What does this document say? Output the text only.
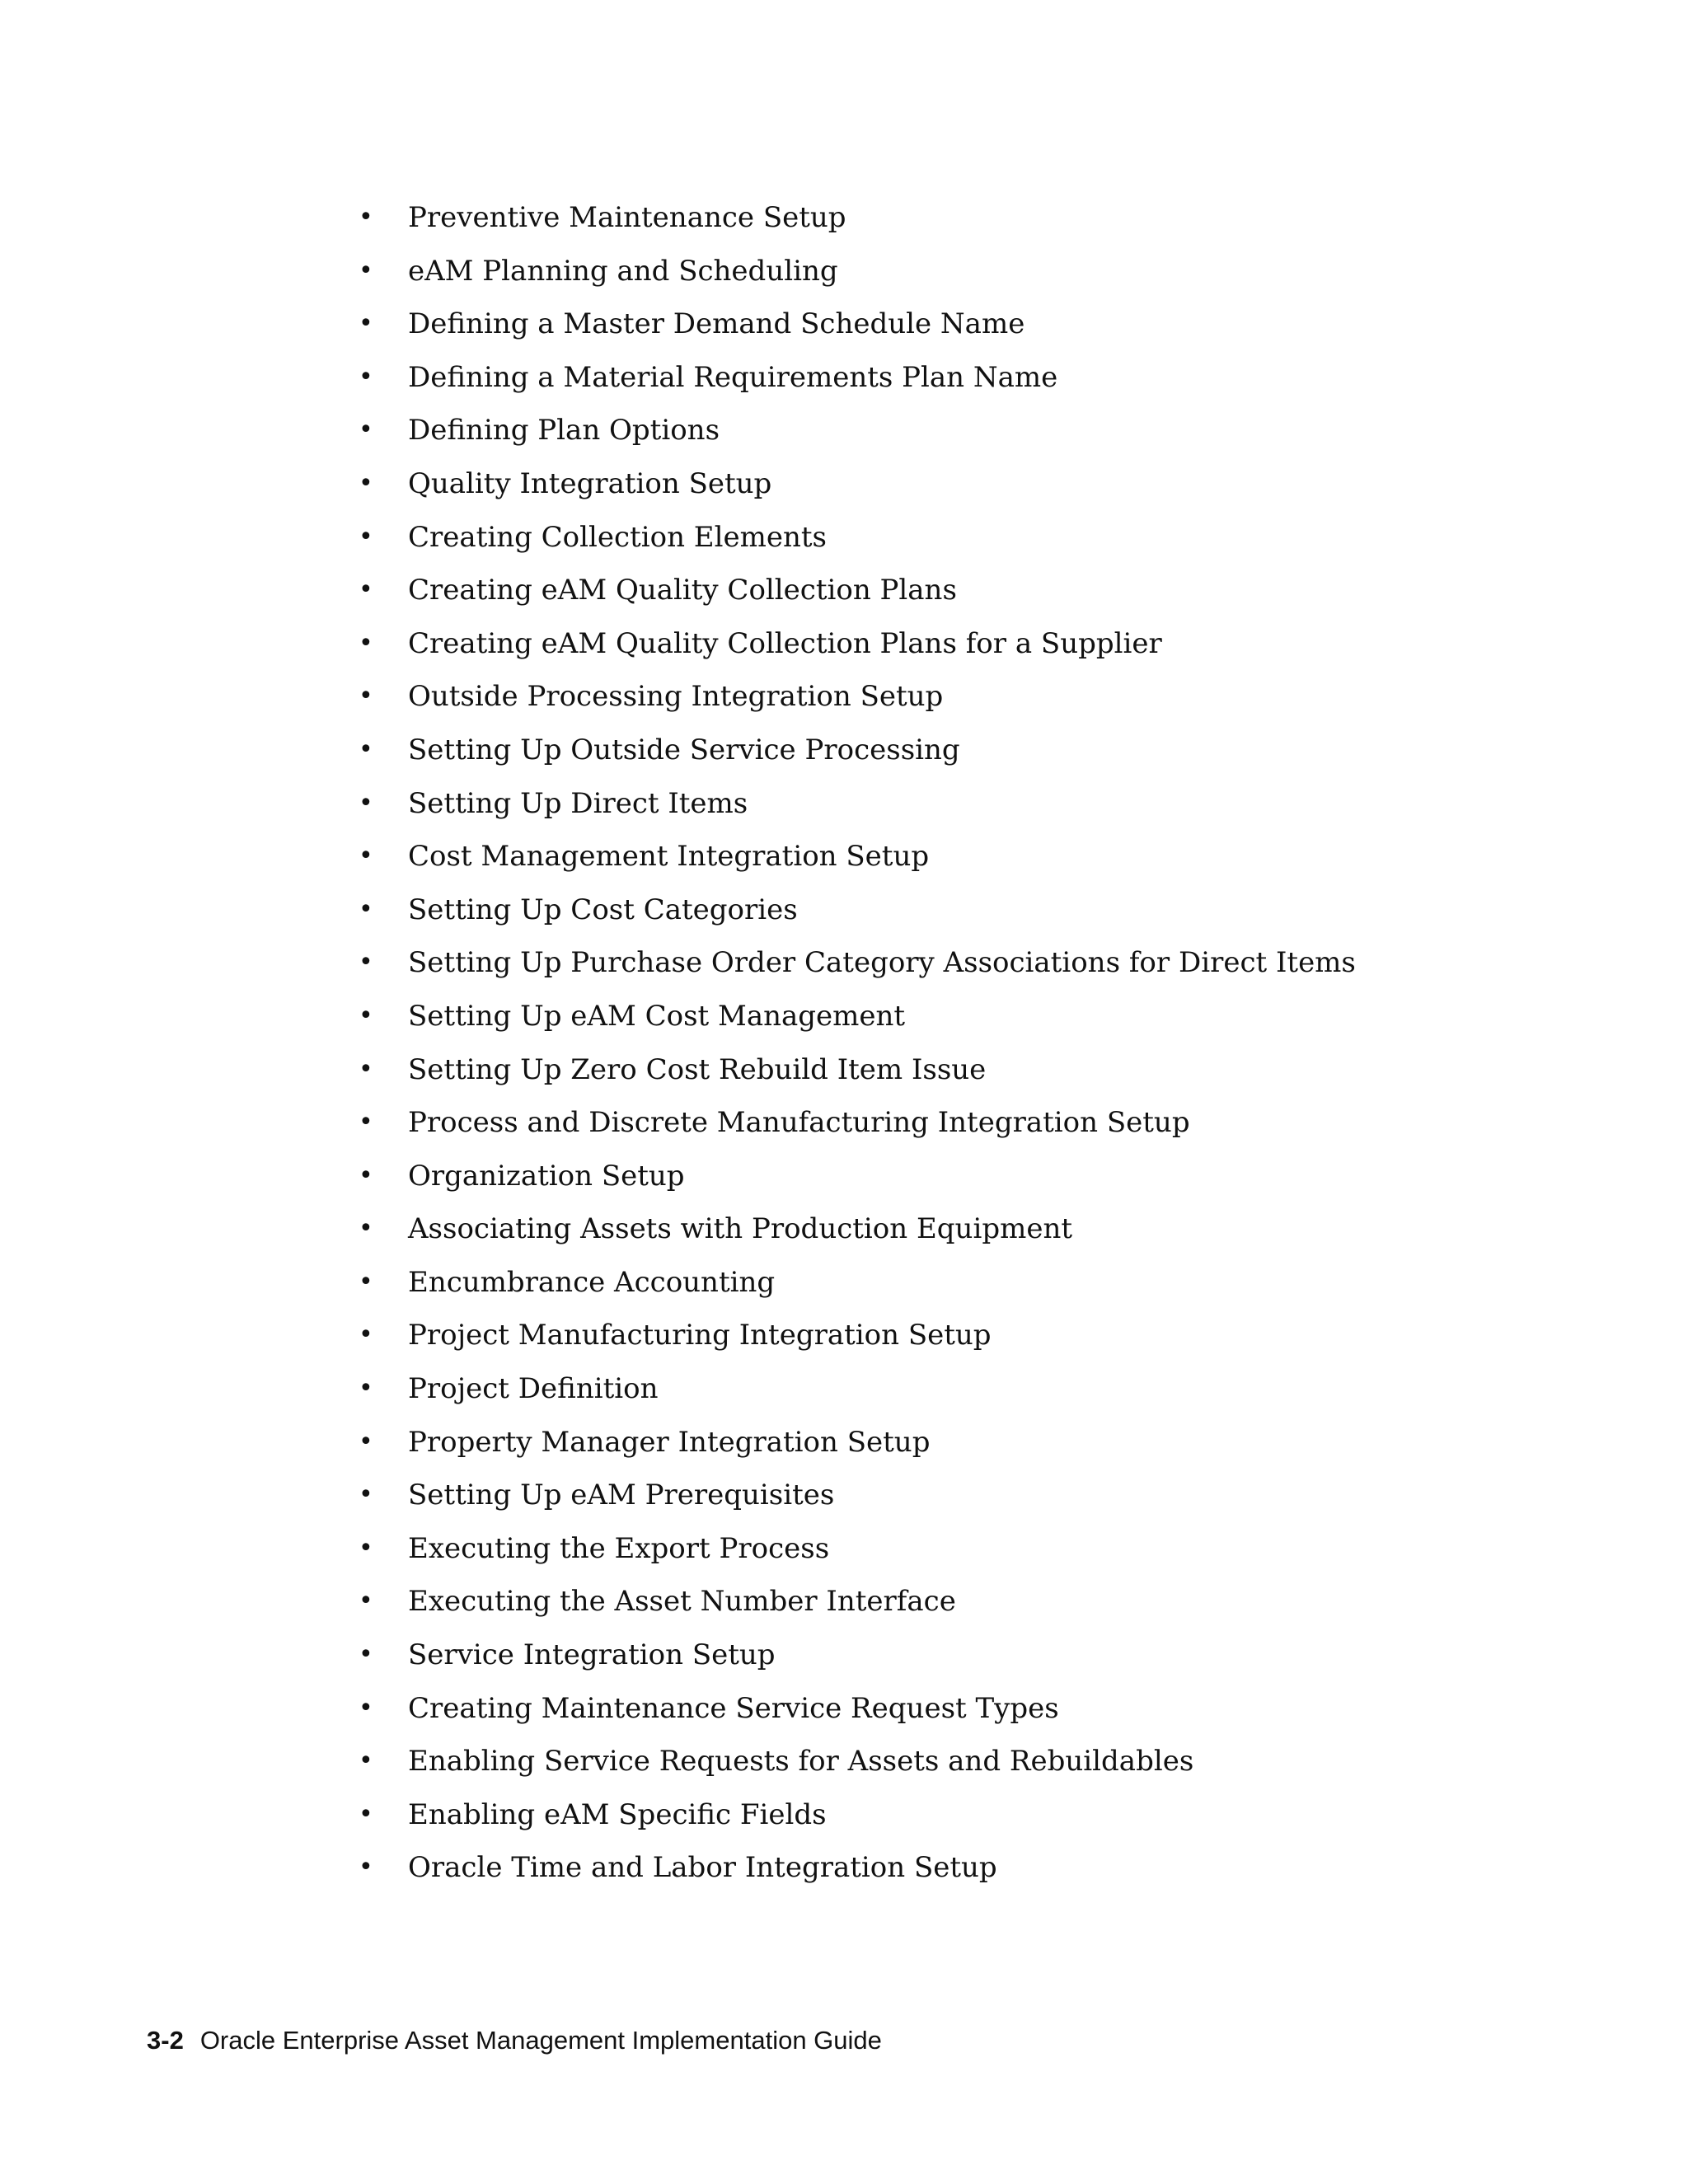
• Preventive Maintenance Setup
• eAM Planning and Scheduling
• Defining a Master Demand Schedule Name
• Defining a Material Requirements Plan Name
• Defining Plan Options
• Quality Integration Setup
• Creating Collection Elements
• Creating eAM Quality Collection Plans
• Creating eAM Quality Collection Plans for a Supplier
• Outside Processing Integration Setup
• Setting Up Outside Service Processing
• Setting Up Direct Items
• Cost Management Integration Setup
• Setting Up Cost Categories
• Setting Up Purchase Order Category Associations for Direct Items
• Setting Up eAM Cost Management
• Setting Up Zero Cost Rebuild Item Issue
• Process and Discrete Manufacturing Integration Setup
• Organization Setup
• Associating Assets with Production Equipment
• Encumbrance Accounting
• Project Manufacturing Integration Setup
• Project Definition
• Property Manager Integration Setup
• Setting Up eAM Prerequisites
• Executing the Export Process
• Executing the Asset Number Interface
• Service Integration Setup
• Creating Maintenance Service Request Types
• Enabling Service Requests for Assets and Rebuildables
• Enabling eAM Specific Fields
• Oracle Time and Labor Integration Setup
3-2 Oracle Enterprise Asset Management Implementation Guide
